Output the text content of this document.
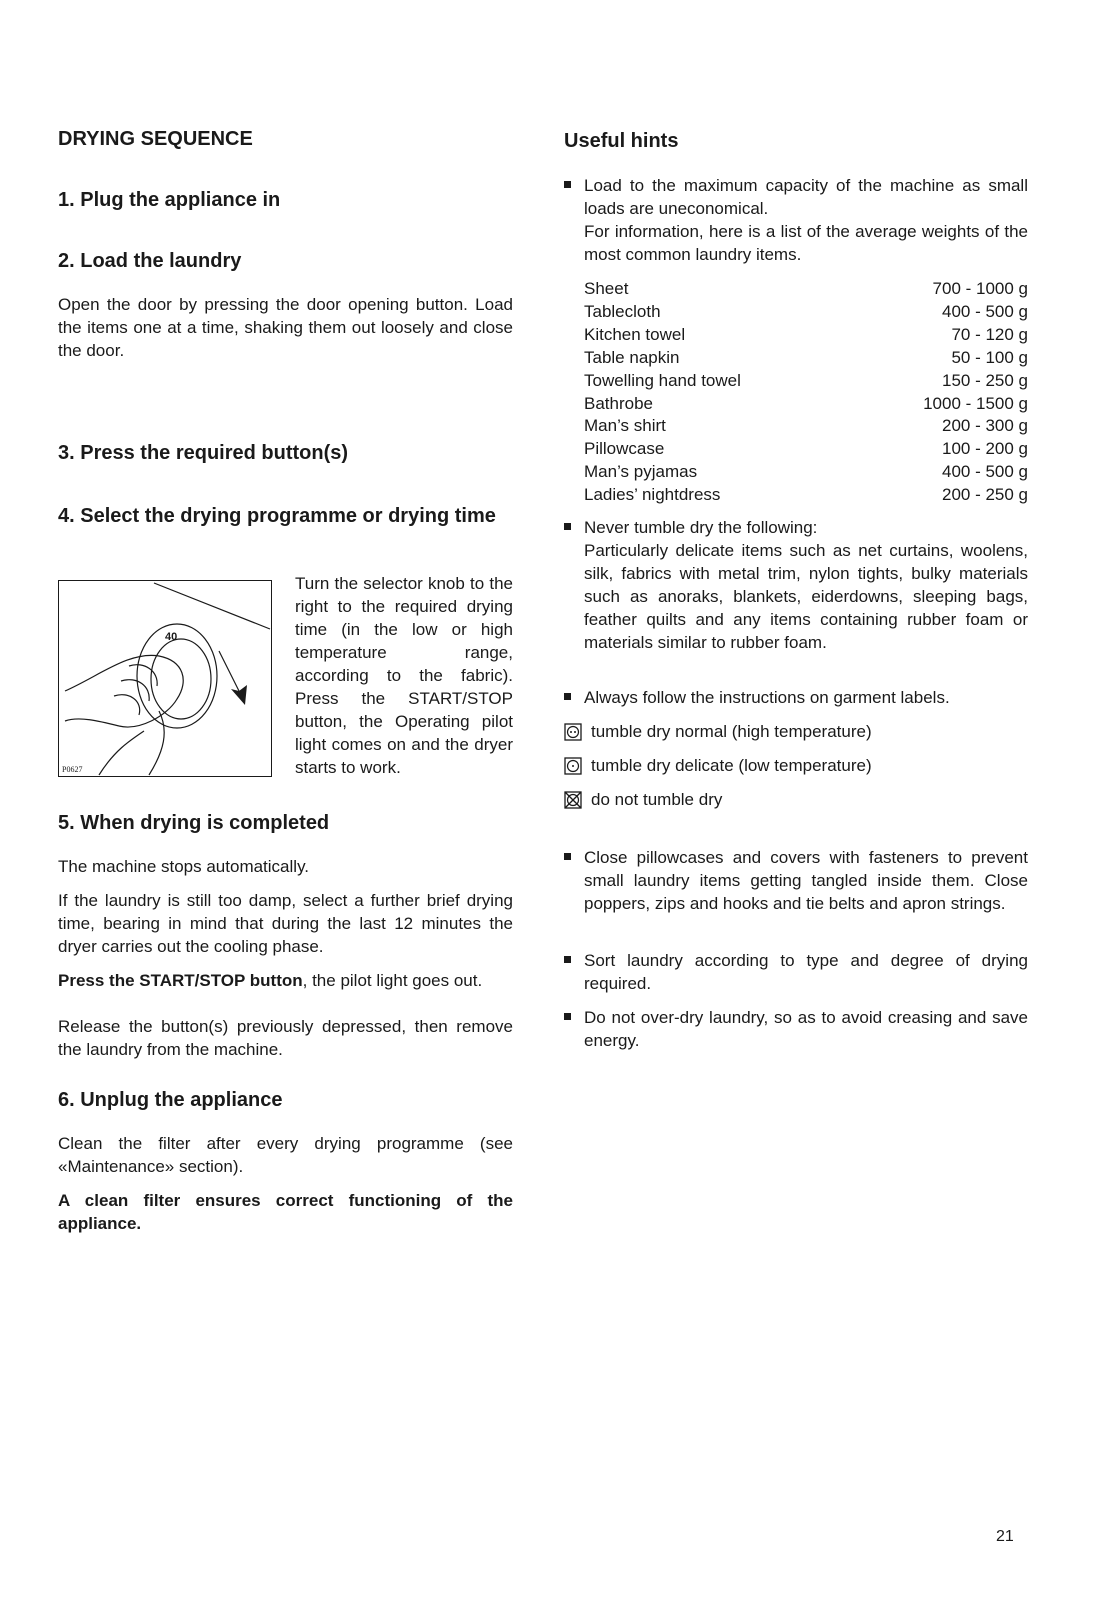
DRYING SEQUENCE
1. Plug the appliance in
2. Load the laundry
Open the door by pressing the door opening button. Load the items one at a time, shaking them out loosely and close the door.
3. Press the required button(s)
4. Select the drying programme or drying time
40
P0627
Turn the selector knob to the right to the required drying time (in the low or high temperature range, according to the fabric). Press the START/STOP button, the Operating pilot light comes on and the dryer starts to work.
5. When drying is completed
The machine stops automatically.
If the laundry is still too damp, select a further brief drying time, bearing in mind that during the last 12 minutes the dryer carries out the cooling phase.
Press the START/STOP button, the pilot light goes out.
Release the button(s) previously depressed, then remove the laundry from the machine.
6. Unplug the appliance
Clean the filter after every drying programme (see «Maintenance» section).
A clean filter ensures correct functioning of the appliance.
Useful hints
Load to the maximum capacity of the machine as small loads are uneconomical.
For information, here is a list of the average weights of the most common laundry items.
Sheet	700 - 1000 g
Tablecloth	400 - 500 g
Kitchen towel	70 - 120 g
Table napkin	50 - 100 g
Towelling hand towel	150 - 250 g
Bathrobe	1000 - 1500 g
Man’s shirt	200 - 300 g
Pillowcase	100 - 200 g
Man’s pyjamas	400 - 500 g
Ladies’ nightdress	200 - 250 g
Never tumble dry the following:
Particularly delicate items such as net curtains, woolens, silk, fabrics with metal trim, nylon tights, bulky materials such as anoraks, blankets, eiderdowns, sleeping bags, feather quilts and any items containing rubber foam or materials similar to rubber foam.
Always follow the instructions on garment labels.
tumble dry normal (high temperature)
tumble dry delicate (low temperature)
do not tumble dry
Close pillowcases and covers with fasteners to prevent small laundry items getting tangled inside them. Close poppers, zips and hooks and tie belts and apron strings.
Sort laundry according to type and degree of drying required.
Do not over-dry laundry, so as to avoid creasing and save energy.
21
